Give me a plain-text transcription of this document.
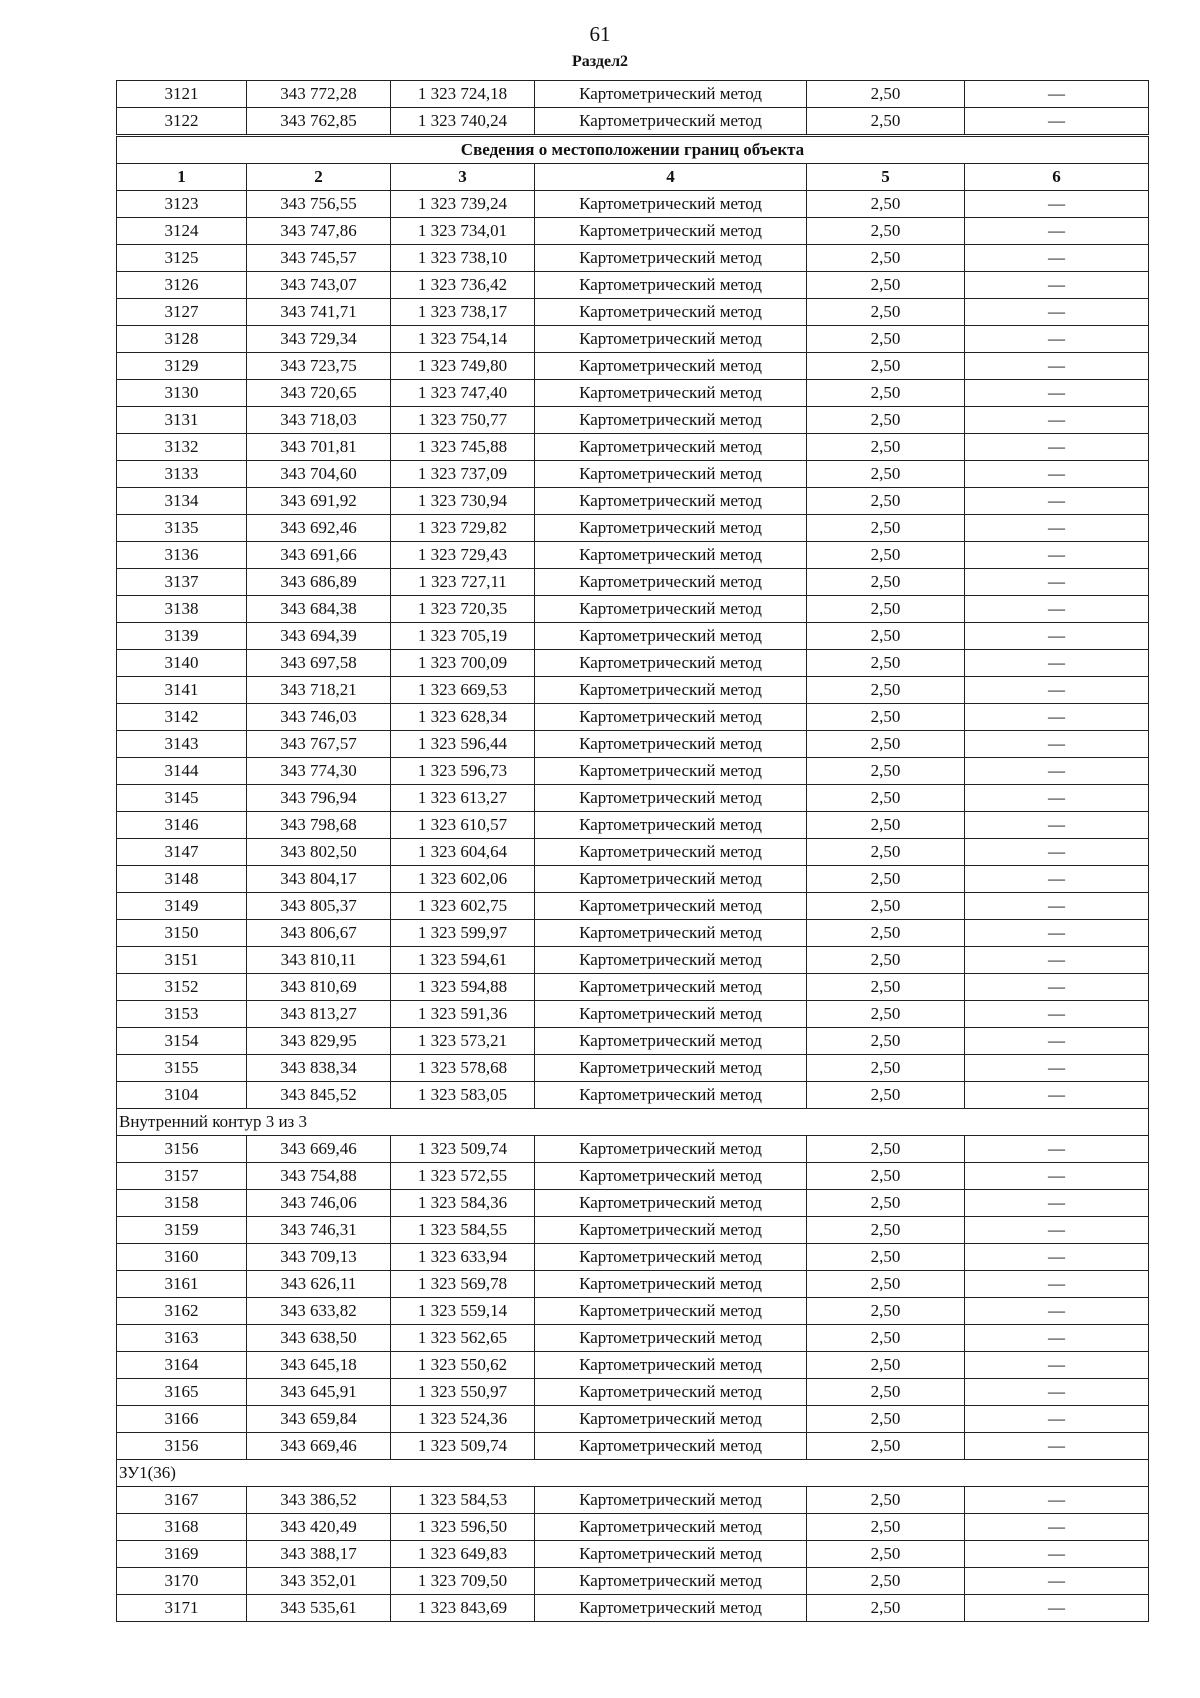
61
Раздел2
3121	343 772,28	1 323 724,18	Картометрический метод	2,50	—
3122	343 762,85	1 323 740,24	Картометрический метод	2,50	—
Сведения о местоположении границ объекта					
1	2	3	4	5	6
3123	343 756,55	1 323 739,24	Картометрический метод	2,50	—
3124	343 747,86	1 323 734,01	Картометрический метод	2,50	—
3125	343 745,57	1 323 738,10	Картометрический метод	2,50	—
3126	343 743,07	1 323 736,42	Картометрический метод	2,50	—
3127	343 741,71	1 323 738,17	Картометрический метод	2,50	—
3128	343 729,34	1 323 754,14	Картометрический метод	2,50	—
3129	343 723,75	1 323 749,80	Картометрический метод	2,50	—
3130	343 720,65	1 323 747,40	Картометрический метод	2,50	—
3131	343 718,03	1 323 750,77	Картометрический метод	2,50	—
3132	343 701,81	1 323 745,88	Картометрический метод	2,50	—
3133	343 704,60	1 323 737,09	Картометрический метод	2,50	—
3134	343 691,92	1 323 730,94	Картометрический метод	2,50	—
3135	343 692,46	1 323 729,82	Картометрический метод	2,50	—
3136	343 691,66	1 323 729,43	Картометрический метод	2,50	—
3137	343 686,89	1 323 727,11	Картометрический метод	2,50	—
3138	343 684,38	1 323 720,35	Картометрический метод	2,50	—
3139	343 694,39	1 323 705,19	Картометрический метод	2,50	—
3140	343 697,58	1 323 700,09	Картометрический метод	2,50	—
3141	343 718,21	1 323 669,53	Картометрический метод	2,50	—
3142	343 746,03	1 323 628,34	Картометрический метод	2,50	—
3143	343 767,57	1 323 596,44	Картометрический метод	2,50	—
3144	343 774,30	1 323 596,73	Картометрический метод	2,50	—
3145	343 796,94	1 323 613,27	Картометрический метод	2,50	—
3146	343 798,68	1 323 610,57	Картометрический метод	2,50	—
3147	343 802,50	1 323 604,64	Картометрический метод	2,50	—
3148	343 804,17	1 323 602,06	Картометрический метод	2,50	—
3149	343 805,37	1 323 602,75	Картометрический метод	2,50	—
3150	343 806,67	1 323 599,97	Картометрический метод	2,50	—
3151	343 810,11	1 323 594,61	Картометрический метод	2,50	—
3152	343 810,69	1 323 594,88	Картометрический метод	2,50	—
3153	343 813,27	1 323 591,36	Картометрический метод	2,50	—
3154	343 829,95	1 323 573,21	Картометрический метод	2,50	—
3155	343 838,34	1 323 578,68	Картометрический метод	2,50	—
3104	343 845,52	1 323 583,05	Картометрический метод	2,50	—
Внутренний контур 3 из 3					
3156	343 669,46	1 323 509,74	Картометрический метод	2,50	—
3157	343 754,88	1 323 572,55	Картометрический метод	2,50	—
3158	343 746,06	1 323 584,36	Картометрический метод	2,50	—
3159	343 746,31	1 323 584,55	Картометрический метод	2,50	—
3160	343 709,13	1 323 633,94	Картометрический метод	2,50	—
3161	343 626,11	1 323 569,78	Картометрический метод	2,50	—
3162	343 633,82	1 323 559,14	Картометрический метод	2,50	—
3163	343 638,50	1 323 562,65	Картометрический метод	2,50	—
3164	343 645,18	1 323 550,62	Картометрический метод	2,50	—
3165	343 645,91	1 323 550,97	Картометрический метод	2,50	—
3166	343 659,84	1 323 524,36	Картометрический метод	2,50	—
3156	343 669,46	1 323 509,74	Картометрический метод	2,50	—
ЗУ1(36)					
3167	343 386,52	1 323 584,53	Картометрический метод	2,50	—
3168	343 420,49	1 323 596,50	Картометрический метод	2,50	—
3169	343 388,17	1 323 649,83	Картометрический метод	2,50	—
3170	343 352,01	1 323 709,50	Картометрический метод	2,50	—
3171	343 535,61	1 323 843,69	Картометрический метод	2,50	—
